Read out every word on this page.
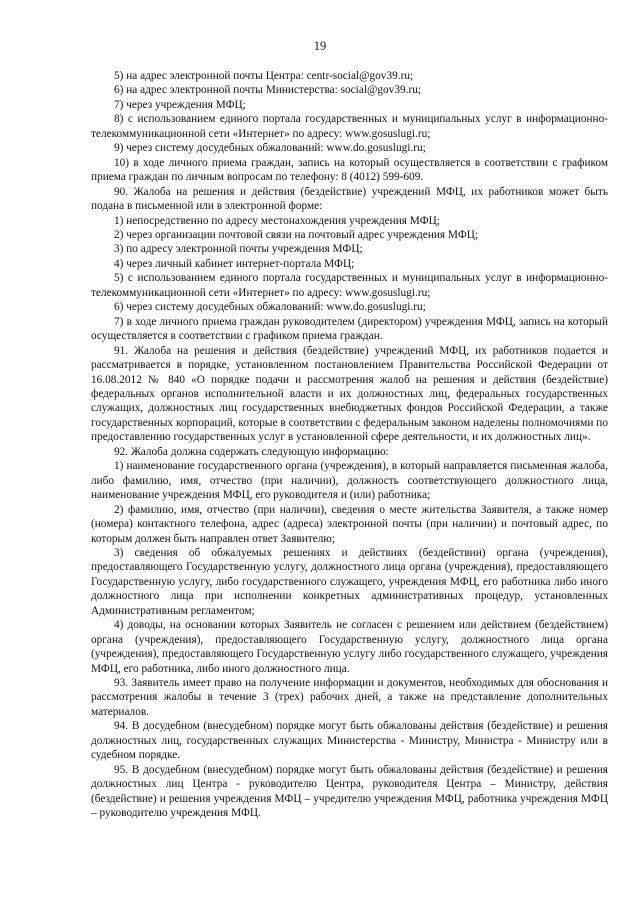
19

5) на адрес электронной почты Центра: centr-social@gov39.ru;

6) на адрес электронной почты Министерства: social@gov39.ru;

7) через учреждения МФЦ;

8) с использованием единого портала государственных и муниципальных услуг в информационно-телекоммуникационной сети «Интернет» по адресу: www.gosuslugi.ru;

9) через систему досудебных обжалований: www.do.gosuslugi.ru;

10) в ходе личного приема граждан, запись на который осуществляется в соответствии с графиком приема граждан по личным вопросам по телефону: 8 (4012) 599-609.

90. Жалоба на решения и действия (бездействие) учреждений МФЦ, их работников может быть подана в письменной или в электронной форме:

1) непосредственно по адресу местонахождения учреждения МФЦ;

2) через организации почтовой связи на почтовый адрес учреждения МФЦ;

3) по адресу электронной почты учреждения МФЦ;

4) через личный кабинет интернет-портала МФЦ;

5) с использованием единого портала государственных и муниципальных услуг в информационно-телекоммуникационной сети «Интернет» по адресу: www.gosuslugi.ru;

6) через систему досудебных обжалований: www.do.gosuslugi.ru;

7) в ходе личного приема граждан руководителем (директором) учреждения МФЦ, запись на который осуществляется в соответствии с графиком приема граждан.

91. Жалоба на решения и действия (бездействие) учреждений МФЦ, их работников подается и рассматривается в порядке, установленном постановлением Правительства Российской Федерации от 16.08.2012 № 840 «О порядке подачи и рассмотрения жалоб на решения и действия (бездействие) федеральных органов исполнительной власти и их должностных лиц, федеральных государственных служащих, должностных лиц государственных внебюджетных фондов Российской Федерации, а также государственных корпораций, которые в соответствии с федеральным законом наделены полномочиями по предоставлению государственных услуг в установленной сфере деятельности, и их должностных лиц».

92. Жалоба должна содержать следующую информацию:

1) наименование государственного органа (учреждения), в который направляется письменная жалоба, либо фамилию, имя, отчество (при наличии), должность соответствующего должностного лица, наименование учреждения МФЦ, его руководителя и (или) работника;

2) фамилию, имя, отчество (при наличии), сведения о месте жительства Заявителя, а также номер (номера) контактного телефона, адрес (адреса) электронной почты (при наличии) и почтовый адрес, по которым должен быть направлен ответ Заявителю;

3) сведения об обжалуемых решениях и действиях (бездействии) органа (учреждения), предоставляющего Государственную услугу, должностного лица органа (учреждения), предоставляющего Государственную услугу, либо государственного служащего, учреждения МФЦ, его работника либо иного должностного лица при исполнении конкретных административных процедур, установленных Административным регламентом;

4) доводы, на основании которых Заявитель не согласен с решением или действием (бездействием) органа (учреждения), предоставляющего Государственную услугу, должностного лица органа (учреждения), предоставляющего Государственную услугу либо государственного служащего, учреждения МФЦ, его работника, либо иного должностного лица.

93. Заявитель имеет право на получение информации и документов, необходимых для обоснования и рассмотрения жалобы в течение 3 (трех) рабочих дней, а также на представление дополнительных материалов.

94. В досудебном (внесудебном) порядке могут быть обжалованы действия (бездействие) и решения должностных лиц, государственных служащих Министерства - Министру, Министра - Министру или в судебном порядке.

95. В досудебном (внесудебном) порядке могут быть обжалованы действия (бездействие) и решения должностных лиц Центра - руководителю Центра, руководителя Центра – Министру, действия (бездействие) и решения учреждения МФЦ – учредителю учреждения МФЦ, работника учреждения МФЦ – руководителю учреждения МФЦ.
